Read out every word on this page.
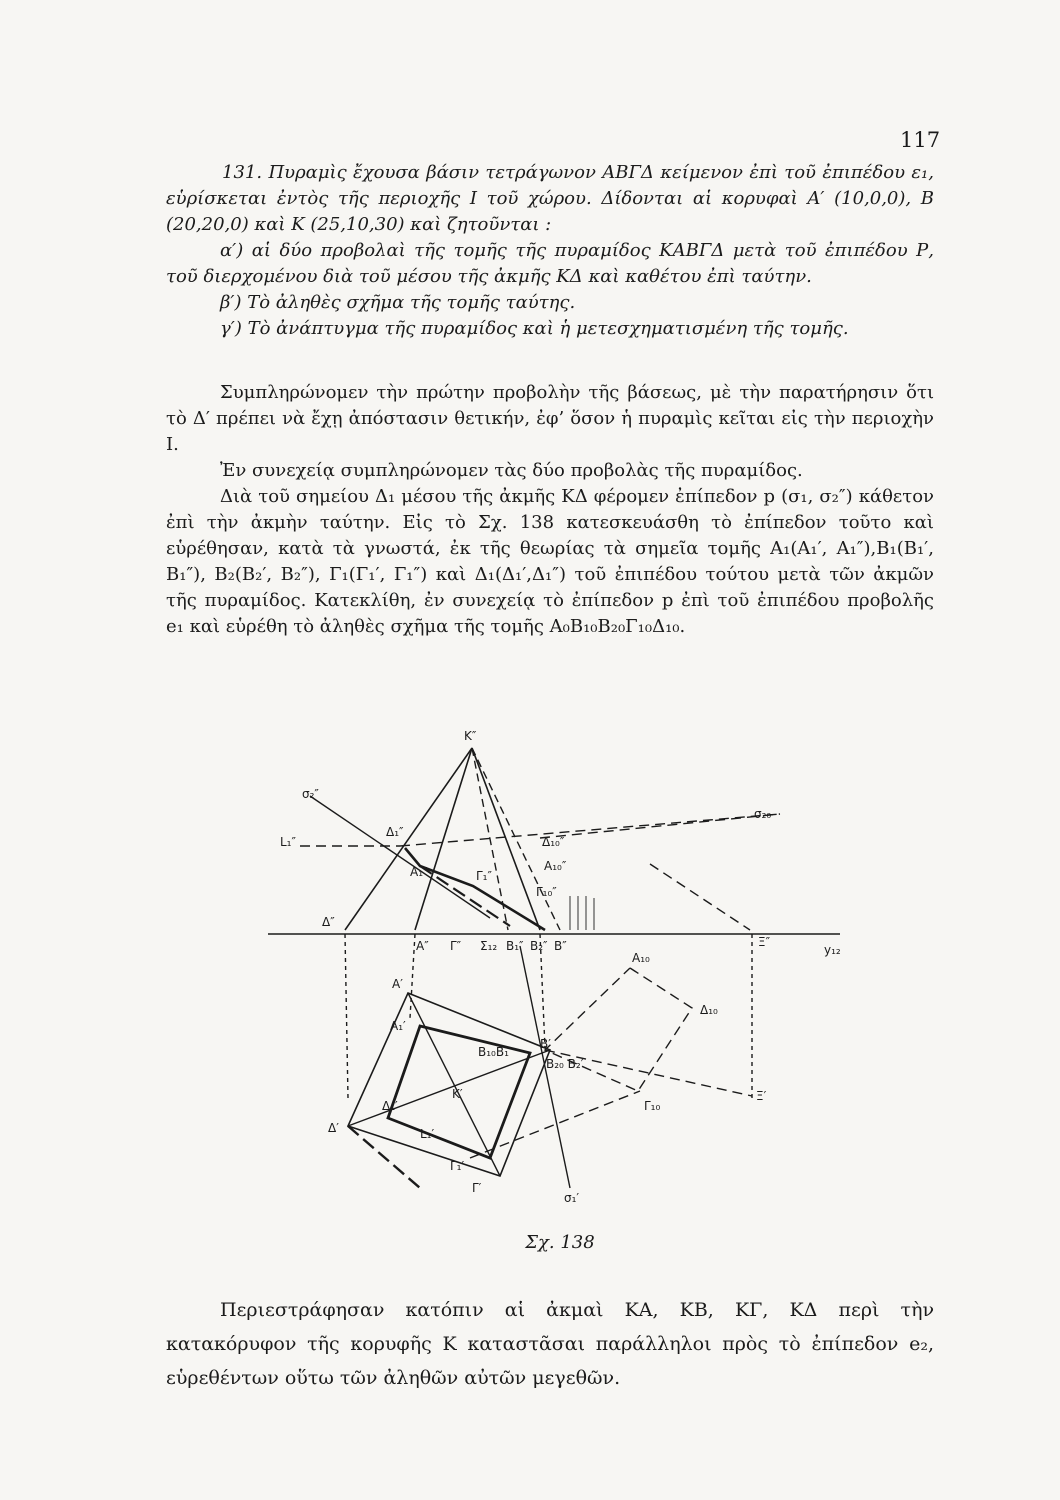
117

131. Πυραμὶς ἔχουσα βάσιν τετράγωνον ΑΒΓΔ κείμενον ἐπὶ τοῦ ἐπιπέδου ε₁, εὑρίσκεται ἐντὸς τῆς περιοχῆς I τοῦ χώρου. Δίδονται αἱ κορυφαὶ Α′ (10,0,0), Β (20,20,0) καὶ Κ (25,10,30) καὶ ζητοῦνται :

α′) αἱ δύο προβολαὶ τῆς τομῆς τῆς πυραμίδος ΚΑΒΓΔ μετὰ τοῦ ἐπιπέδου Ρ, τοῦ διερχομένου διὰ τοῦ μέσου τῆς ἀκμῆς ΚΔ καὶ καθέτου ἐπὶ ταύτην.

β′) Τὸ ἀληθὲς σχῆμα τῆς τομῆς ταύτης.

γ′) Τὸ ἀνάπτυγμα τῆς πυραμίδος καὶ ἡ μετεσχηματισμένη τῆς τομῆς.

Συμπληρώνομεν τὴν πρώτην προβολὴν τῆς βάσεως, μὲ τὴν παρατήρησιν ὅτι τὸ Δ′ πρέπει νὰ ἔχῃ ἀπόστασιν θετικήν, ἐφ’ ὅσον ἡ πυραμὶς κεῖται εἰς τὴν περιοχὴν I.

Ἐν συνεχείᾳ συμπληρώνομεν τὰς δύο προβολὰς τῆς πυραμίδος.

Διὰ τοῦ σημείου Δ₁ μέσου τῆς ἀκμῆς ΚΔ φέρομεν ἐπίπεδον p (σ₁, σ₂″) κάθετον ἐπὶ τὴν ἀκμὴν ταύτην. Εἰς τὸ Σχ. 138 κατεσκευάσθη τὸ ἐπίπεδον τοῦτο καὶ εὑρέθησαν, κατὰ τὰ γνωστά, ἐκ τῆς θεωρίας τὰ σημεῖα τομῆς Α₁(Α₁′, Α₁″),Β₁(Β₁′, Β₁″), Β₂(Β₂′, Β₂″), Γ₁(Γ₁′, Γ₁″) καὶ Δ₁(Δ₁′,Δ₁″) τοῦ ἐπιπέδου τούτου μετὰ τῶν ἀκμῶν τῆς πυραμίδος. Κατεκλίθη, ἐν συνεχείᾳ τὸ ἐπίπεδον p ἐπὶ τοῦ ἐπιπέδου προβολῆς e₁ καὶ εὑρέθη τὸ ἀληθὲς σχῆμα τῆς τομῆς Α₀Β₁₀Β₂₀Γ₁₀Δ₁₀.

K″
σ₂″
L₁″
Δ₁″
Δ₁₀″
A₁₀″
A₁″	Γ₁″
Γ₁₀″
σ₂₀
Δ″
A″ Γ″ Σ₁₂ B₁″ B₂″ B″	Ξ″
y₁₂
A₁₀
Δ₁₀
A′
A₁′
B₁₀B₁
B′
B₂₀ B₂′
K′
Δ₁′
Δ′	L₁′
Γ₁′
Γ′
Γ₁₀
Ξ′
σ₁′
Σχ. 138

Περιεστράφησαν κατόπιν αἱ ἀκμαὶ ΚΑ, ΚΒ, ΚΓ, ΚΔ περὶ τὴν κατακόρυφον τῆς κορυφῆς Κ καταστᾶσαι παράλληλοι πρὸς τὸ ἐπίπεδον e₂, εὑρεθέντων οὕτω τῶν ἀληθῶν αὐτῶν μεγεθῶν.
